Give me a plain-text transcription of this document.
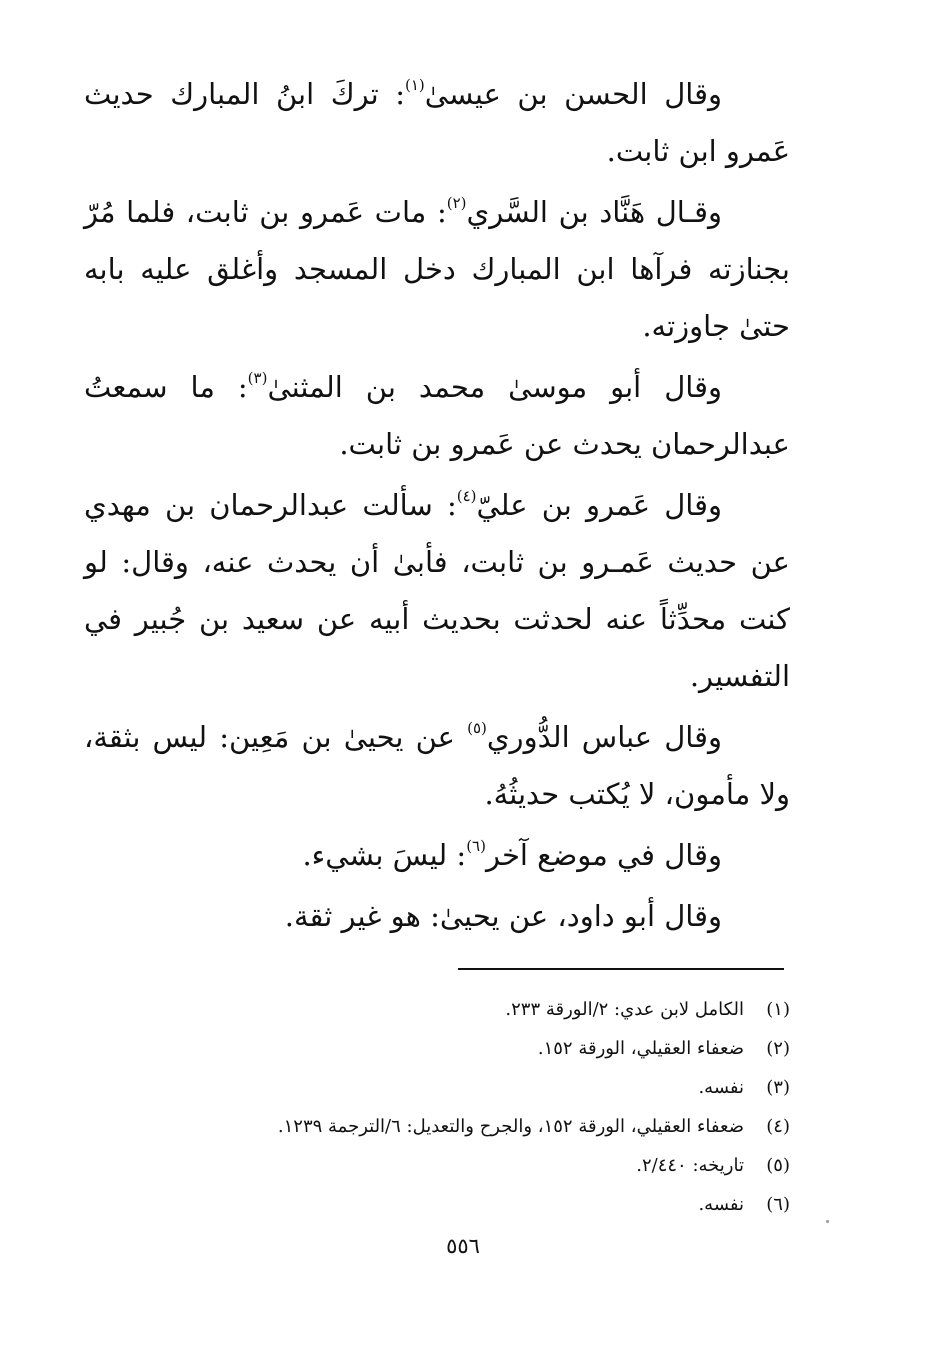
وقال الحسن بن عيسىٰ$^{(١)}$: تركَ ابنُ المبارك حديث عَمرو ابن ثابت.

وقـال هَنَّاد بن السَّري$^{(٢)}$: مات عَمرو بن ثابت، فلما مُرّ بجنازته فرآها ابن المبارك دخل المسجد وأغلق عليه بابه حتىٰ جاوزته.

وقال أبو موسىٰ محمد بن المثنىٰ$^{(٣)}$: ما سمعتُ عبدالرحمان يحدث عن عَمرو بن ثابت.

وقال عَمرو بن عليّ$^{(٤)}$: سألت عبدالرحمان بن مهدي عن حديث عَمـرو بن ثابت، فأبىٰ أن يحدث عنه، وقال: لو كنت محدِّثاً عنه لحدثت بحديث أبيه عن سعيد بن جُبير في التفسير.

وقال عباس الدُّوري$^{(٥)}$ عن يحيىٰ بن مَعِين: ليس بثقة، ولا مأمون، لا يُكتب حديثُهُ.

وقال في موضع آخر$^{(٦)}$: ليسَ بشيء.

وقال أبو داود، عن يحيىٰ: هو غير ثقة.

(١)
الكامل لابن عدي: ٢/الورقة ٢٣٣.
(٢)
ضعفاء العقيلي، الورقة ١٥٢.
(٣)
نفسه.
(٤)
ضعفاء العقيلي، الورقة ١٥٢، والجرح والتعديل: ٦/الترجمة ١٢٣٩.
(٥)
تاريخه: ٢/٤٤٠.
(٦)
نفسه.
٥٥٦
